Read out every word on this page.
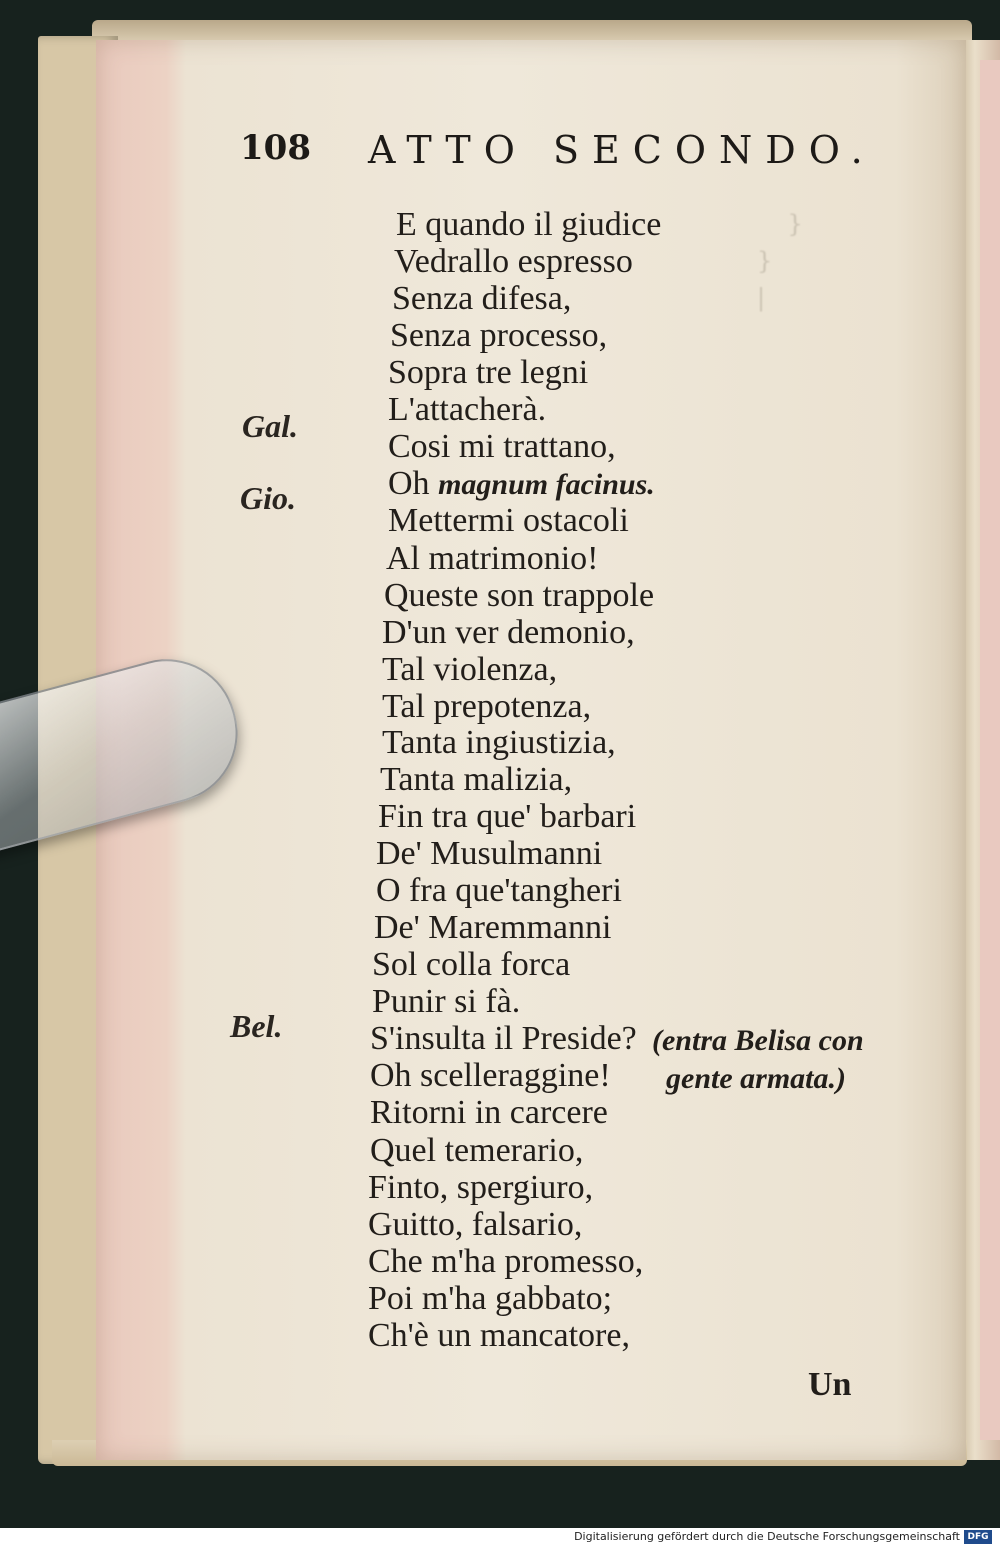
}
}
|

108 ATTO SECONDO.
Gal.
Gio.
Bel.
E quando il giudice
Vedrallo espresso
Senza difesa,
Senza processo,
Sopra tre legni
L'attacherà.
Cosi mi trattano,
Oh magnum facinus.
Mettermi ostacoli
Al matrimonio!
Queste son trappole
D'un ver demonio,
Tal violenza,
Tal prepotenza,
Tanta ingiustizia,
Tanta malizia,
Fin tra que' barbari
De' Musulmanni
O fra que'tangheri
De' Maremmanni
Sol colla forca
Punir si fà.
S'insulta il Preside?
Oh scelleraggine!
Ritorni in carcere
Quel temerario,
Finto, spergiuro,
Guitto, falsario,
Che m'ha promesso,
Poi m'ha gabbato;
Ch'è un mancatore,
(entra Belisa con
gente armata.)
Un
Digitalisierung gefördert durch die Deutsche Forschungsgemeinschaft DFG
